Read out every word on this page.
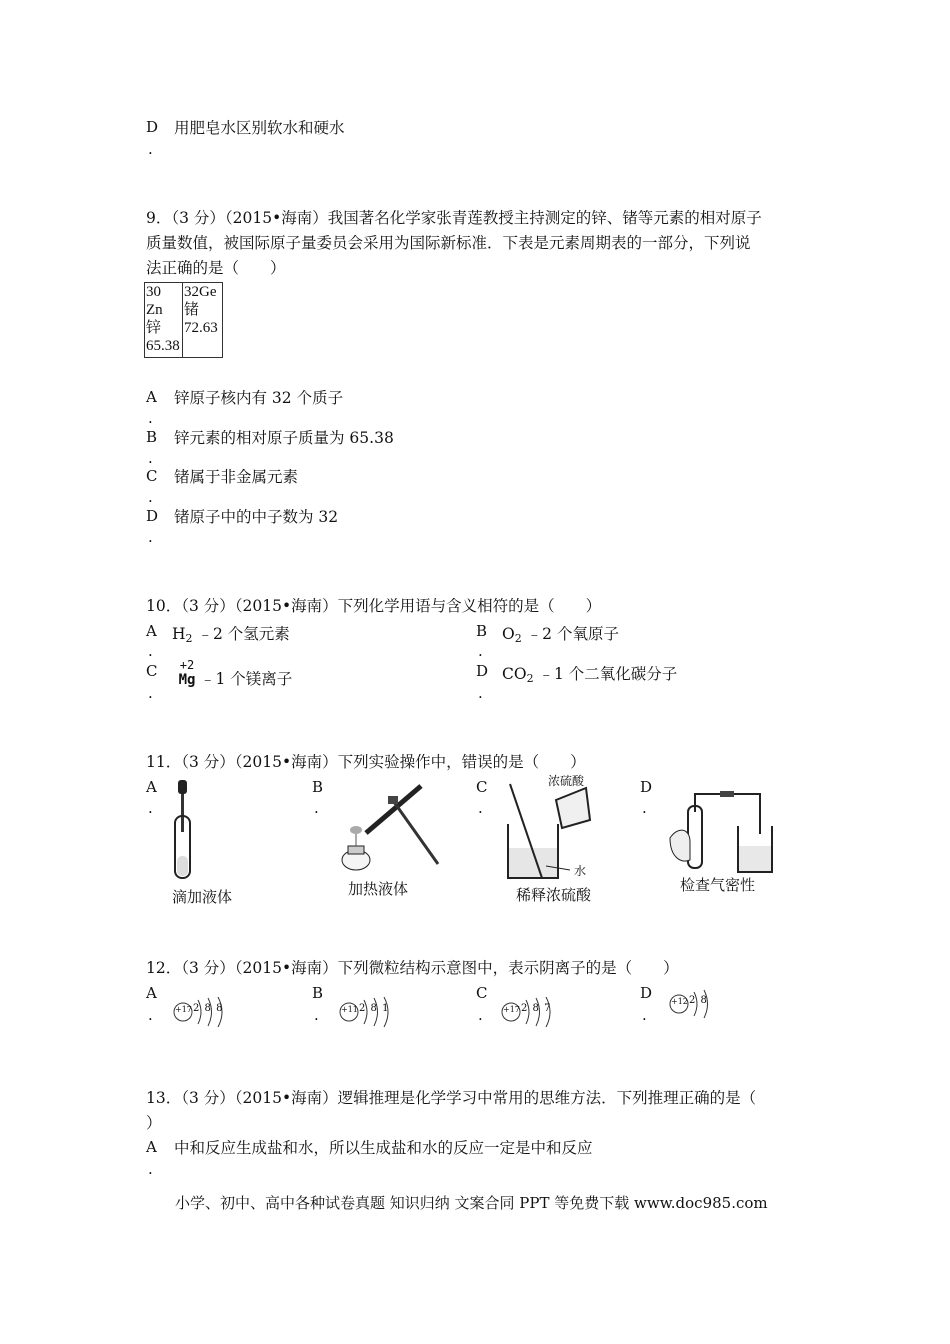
D
.
用肥皂水区别软水和硬水
9．（3 分）（2015•海南）我国著名化学家张青莲教授主持测定的锌、锗等元素的相对原子
质量数值，被国际原子量委员会采用为国际新标准．下表是元素周期表的一部分，下列说
法正确的是（　　）
30
Zn
锌
65.38

32Ge
锗
72.63
A
.
锌原子核内有 32 个质子
B
.
锌元素的相对原子质量为 65.38
C
.
锗属于非金属元素
D
.
锗原子中的中子数为 32
10．（3 分）（2015•海南）下列化学用语与含义相符的是（　　）
A
.
$H_2$ ﹣2 个氢元素	B
.
$O_2$ ﹣2 个氧原子
C
.
+2
Mg ﹣1 个镁离子	D
.
$CO_2$ ﹣1 个二氧化碳分子
11．（3 分）（2015•海南）下列实验操作中，错误的是（　　）
A
.
滴加液体
B
.
加热液体
C
.
浓硫酸
水
稀释浓硫酸
D
.
检查气密性
12．（3 分）（2015•海南）下列微粒结构示意图中，表示阴离子的是（　　）
A
.	+17 2 8 8
B
.	+11 2 8 1
C
.	+17 2 8 7
D
.
+12 2 8
13．（3 分）（2015•海南）逻辑推理是化学学习中常用的思维方法．下列推理正确的是（
）
A
.
中和反应生成盐和水，所以生成盐和水的反应一定是中和反应
小学、初中、高中各种试卷真题 知识归纳 文案合同 PPT 等免费下载 www.doc985.com
